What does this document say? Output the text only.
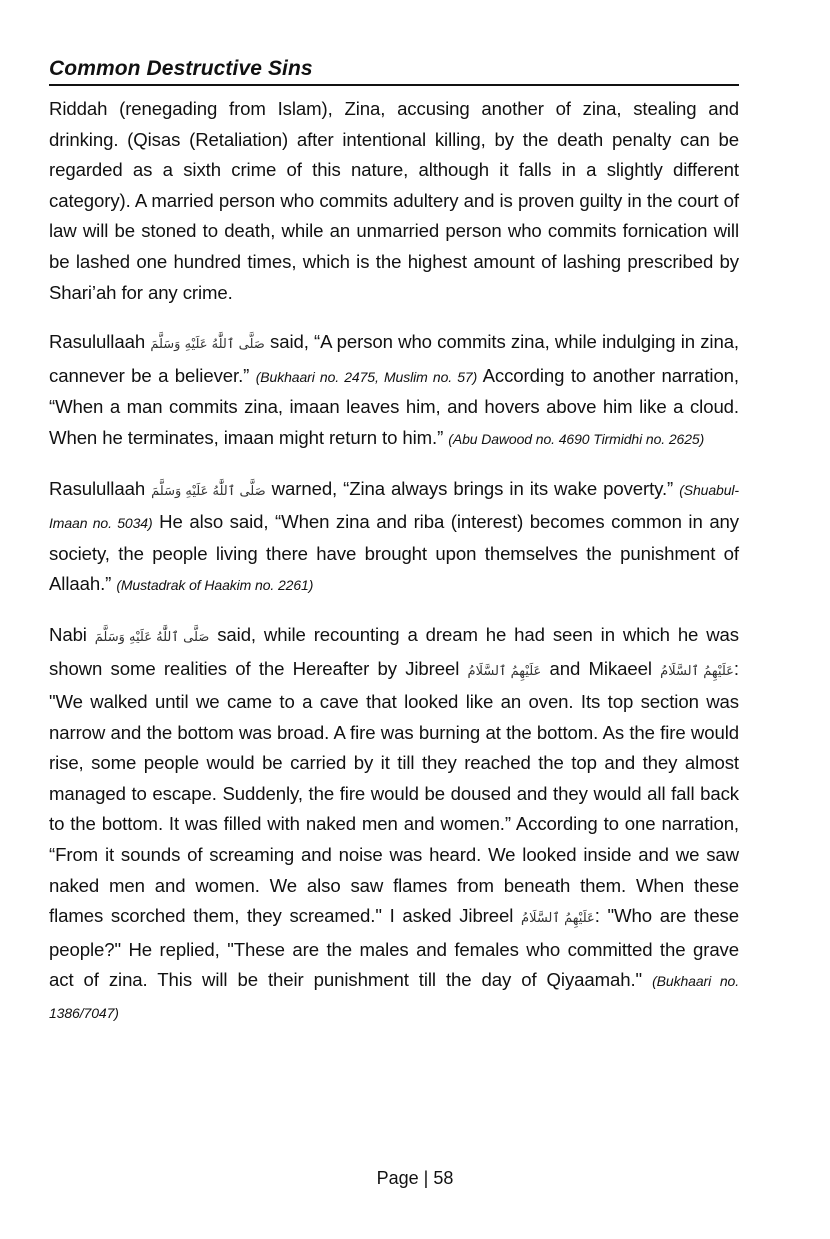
Common Destructive Sins

Riddah (renegading from Islam), Zina, accusing another of zina, stealing and drinking. (Qisas (Retaliation) after intentional killing, by the death penalty can be regarded as a sixth crime of this nature, although it falls in a slightly different category). A married person who commits adultery and is proven guilty in the court of law will be stoned to death, while an unmarried person who commits fornication will be lashed one hundred times, which is the highest amount of lashing prescribed by Shari’ah for any crime.

Rasulullaah صَلَّى ٱللَّٰهُ عَلَيْهِ وَسَلَّمَ said, “A person who commits zina, while indulging in zina, cannever be a believer.” (Bukhaari no. 2475, Muslim no. 57) According to another narration, “When a man commits zina, imaan leaves him, and hovers above him like a cloud. When he terminates, imaan might return to him.” (Abu Dawood no. 4690 Tirmidhi no. 2625)

Rasulullaah صَلَّى ٱللَّٰهُ عَلَيْهِ وَسَلَّمَ warned, “Zina always brings in its wake poverty.” (Shuabul-Imaan no. 5034) He also said, “When zina and riba (interest) becomes common in any society, the people living there have brought upon themselves the punishment of Allaah.” (Mustadrak of Haakim no. 2261)

Nabi صَلَّى ٱللَّٰهُ عَلَيْهِ وَسَلَّمَ said, while recounting a dream he had seen in which he was shown some realities of the Hereafter by Jibreel عَلَيْهِمُ ٱلسَّلَامُ and Mikaeel عَلَيْهِمُ ٱلسَّلَامُ: "We walked until we came to a cave that looked like an oven. Its top section was narrow and the bottom was broad. A fire was burning at the bottom. As the fire would rise, some people would be carried by it till they reached the top and they almost managed to escape. Suddenly, the fire would be doused and they would all fall back to the bottom. It was filled with naked men and women.” According to one narration, “From it sounds of screaming and noise was heard. We looked inside and we saw naked men and women. We also saw flames from beneath them. When these flames scorched them, they screamed." I asked Jibreel عَلَيْهِمُ ٱلسَّلَامُ: "Who are these people?" He replied, "These are the males and females who committed the grave act of zina. This will be their punishment till the day of Qiyaamah." (Bukhaari no. 1386/7047)

Page | 58
